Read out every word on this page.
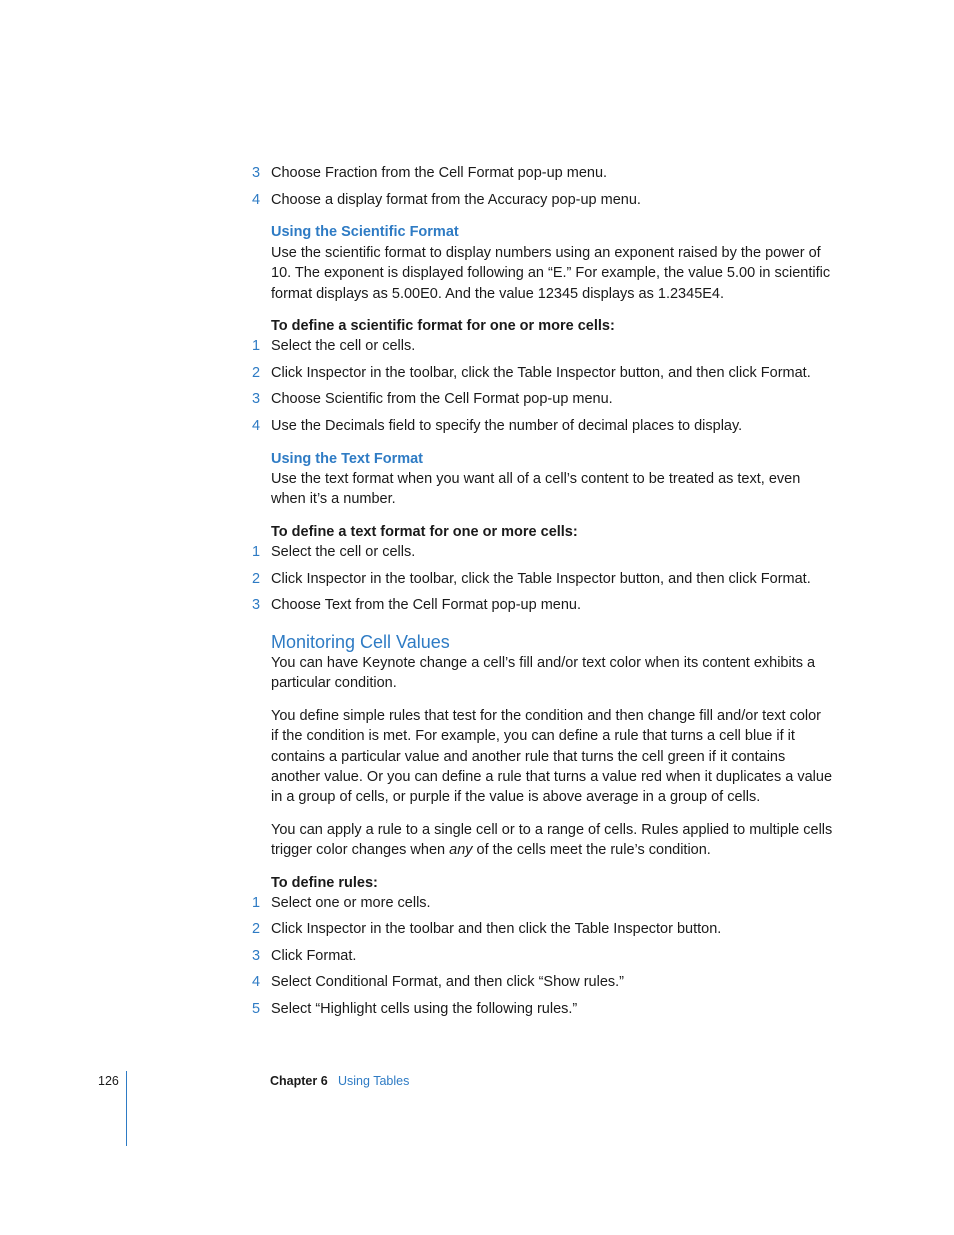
3 Choose Fraction from the Cell Format pop-up menu.
4 Choose a display format from the Accuracy pop-up menu.
Using the Scientific Format
Use the scientific format to display numbers using an exponent raised by the power of
10. The exponent is displayed following an “E.” For example, the value 5.00 in scientific
format displays as 5.00E0. And the value 12345 displays as 1.2345E4.
To define a scientific format for one or more cells:
1 Select the cell or cells.
2 Click Inspector in the toolbar, click the Table Inspector button, and then click Format.
3 Choose Scientific from the Cell Format pop-up menu.
4 Use the Decimals field to specify the number of decimal places to display.
Using the Text Format
Use the text format when you want all of a cell’s content to be treated as text, even
when it’s a number.
To define a text format for one or more cells:
1 Select the cell or cells.
2 Click Inspector in the toolbar, click the Table Inspector button, and then click Format.
3 Choose Text from the Cell Format pop-up menu.
Monitoring Cell Values
You can have Keynote change a cell’s fill and/or text color when its content exhibits a
particular condition.
You define simple rules that test for the condition and then change fill and/or text color
if the condition is met. For example, you can define a rule that turns a cell blue if it
contains a particular value and another rule that turns the cell green if it contains
another value. Or you can define a rule that turns a value red when it duplicates a value
in a group of cells, or purple if the value is above average in a group of cells.
You can apply a rule to a single cell or to a range of cells. Rules applied to multiple cells
trigger color changes when any of the cells meet the rule’s condition.
To define rules:
1 Select one or more cells.
2 Click Inspector in the toolbar and then click the Table Inspector button.
3 Click Format.
4 Select Conditional Format, and then click “Show rules.”
5 Select “Highlight cells using the following rules.”
126	Chapter 6 Using Tables
